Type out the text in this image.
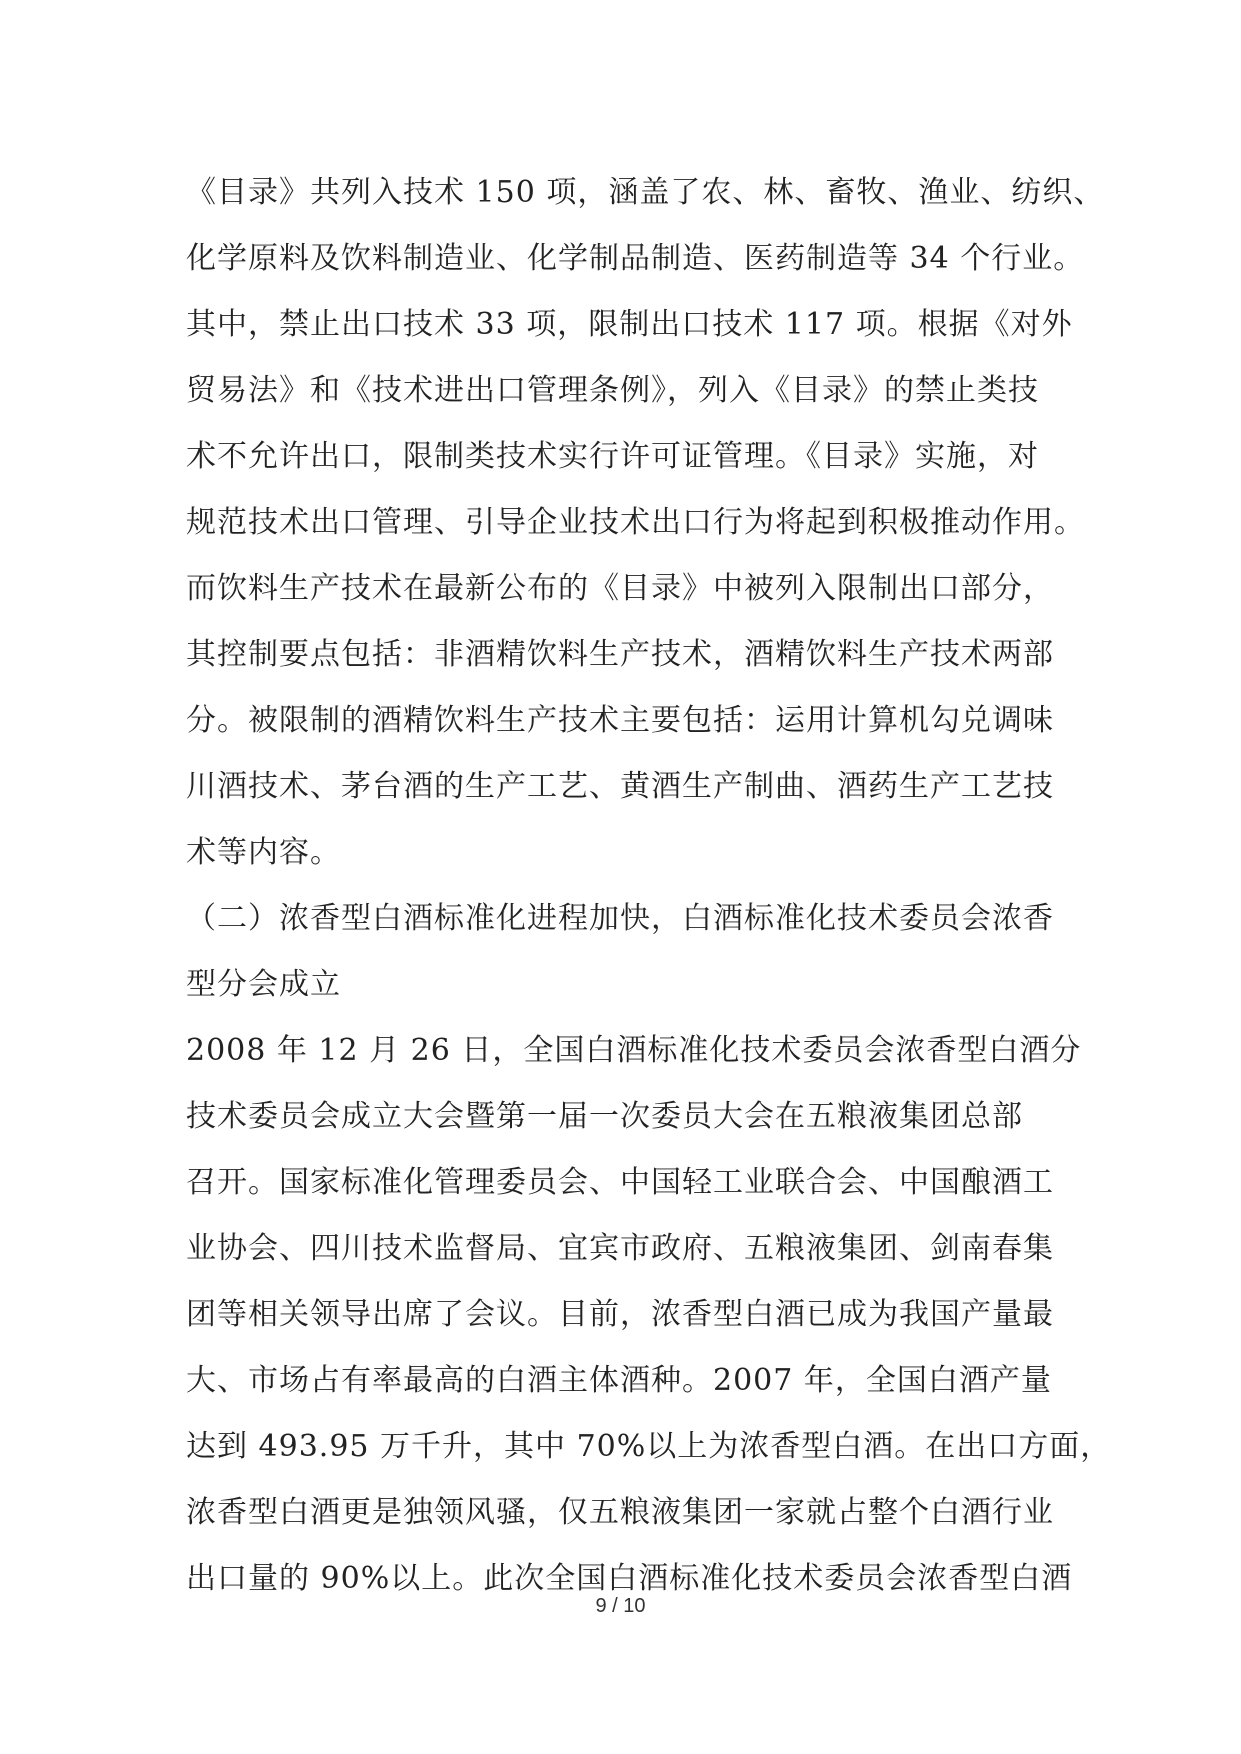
《目录》共列入技术 150 项，涵盖了农、林、畜牧、渔业、纺织、
化学原料及饮料制造业、化学制品制造、医药制造等 34 个行业。
其中，禁止出口技术 33 项，限制出口技术 117 项。根据《对外
贸易法》和《技术进出口管理条例》，列入《目录》的禁止类技
术不允许出口，限制类技术实行许可证管理。《目录》实施，对
规范技术出口管理、引导企业技术出口行为将起到积极推动作用。
而饮料生产技术在最新公布的《目录》中被列入限制出口部分，
其控制要点包括：非酒精饮料生产技术，酒精饮料生产技术两部
分。被限制的酒精饮料生产技术主要包括：运用计算机勾兑调味
川酒技术、茅台酒的生产工艺、黄酒生产制曲、酒药生产工艺技
术等内容。
（二）浓香型白酒标准化进程加快，白酒标准化技术委员会浓香
型分会成立
2008 年 12 月 26 日，全国白酒标准化技术委员会浓香型白酒分
技术委员会成立大会暨第一届一次委员大会在五粮液集团总部
召开。国家标准化管理委员会、中国轻工业联合会、中国酿酒工
业协会、四川技术监督局、宜宾市政府、五粮液集团、剑南春集
团等相关领导出席了会议。目前，浓香型白酒已成为我国产量最
大、市场占有率最高的白酒主体酒种。2007 年，全国白酒产量
达到 493.95 万千升，其中 70%以上为浓香型白酒。在出口方面，
浓香型白酒更是独领风骚，仅五粮液集团一家就占整个白酒行业
出口量的 90%以上。此次全国白酒标准化技术委员会浓香型白酒
9 / 10
